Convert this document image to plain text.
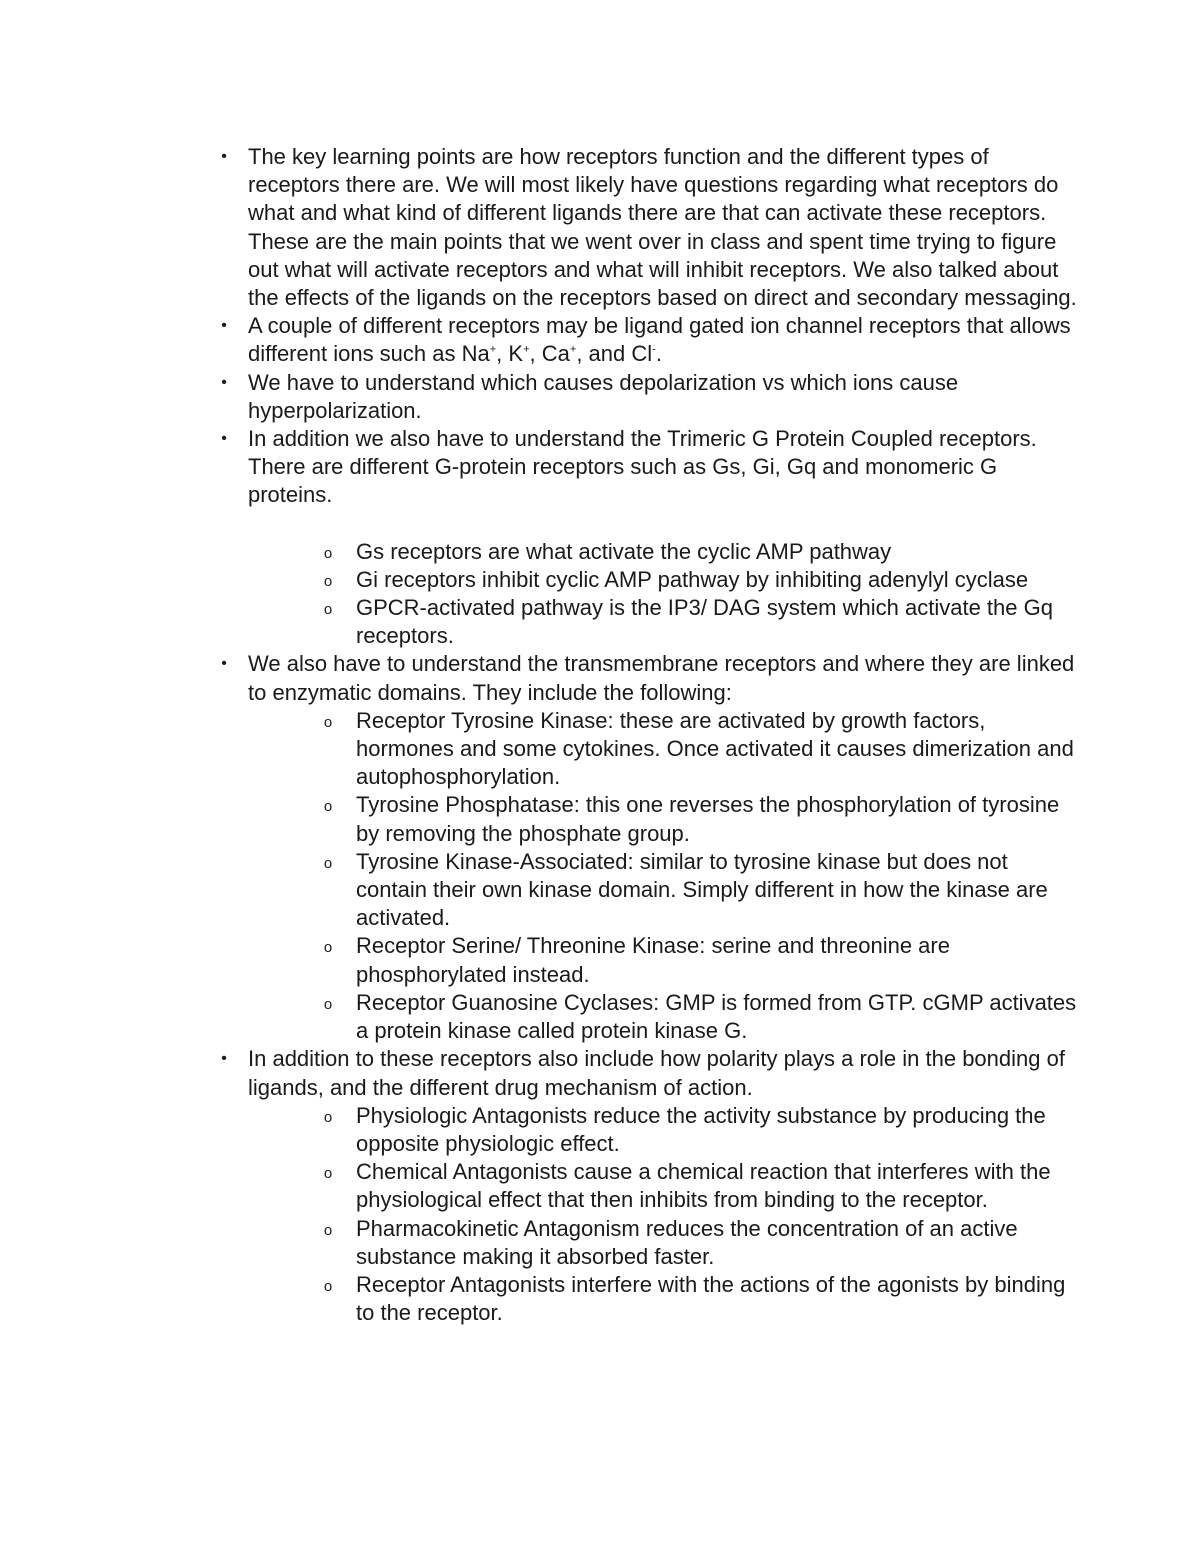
• The key learning points are how receptors function and the different types of receptors there are. We will most likely have questions regarding what receptors do what and what kind of different ligands there are that can activate these receptors. These are the main points that we went over in class and spent time trying to figure out what will activate receptors and what will inhibit receptors. We also talked about the effects of the ligands on the receptors based on direct and secondary messaging.
• A couple of different receptors may be ligand gated ion channel receptors that allows different ions such as Na+, K+, Ca+, and Cl-.
• We have to understand which causes depolarization vs which ions cause hyperpolarization.
• In addition we also have to understand the Trimeric G Protein Coupled receptors. There are different G-protein receptors such as Gs, Gi, Gq and monomeric G proteins.
o Gs receptors are what activate the cyclic AMP pathway
o Gi receptors inhibit cyclic AMP pathway by inhibiting adenylyl cyclase
o GPCR-activated pathway is the IP3/ DAG system which activate the Gq receptors.
• We also have to understand the transmembrane receptors and where they are linked to enzymatic domains. They include the following:
o Receptor Tyrosine Kinase: these are activated by growth factors, hormones and some cytokines. Once activated it causes dimerization and autophosphorylation.
o Tyrosine Phosphatase: this one reverses the phosphorylation of tyrosine by removing the phosphate group.
o Tyrosine Kinase-Associated: similar to tyrosine kinase but does not contain their own kinase domain. Simply different in how the kinase are activated.
o Receptor Serine/ Threonine Kinase: serine and threonine are phosphorylated instead.
o Receptor Guanosine Cyclases: GMP is formed from GTP. cGMP activates a protein kinase called protein kinase G.
• In addition to these receptors also include how polarity plays a role in the bonding of ligands, and the different drug mechanism of action.
o Physiologic Antagonists reduce the activity substance by producing the opposite physiologic effect.
o Chemical Antagonists cause a chemical reaction that interferes with the physiological effect that then inhibits from binding to the receptor.
o Pharmacokinetic Antagonism reduces the concentration of an active substance making it absorbed faster.
o Receptor Antagonists interfere with the actions of the agonists by binding to the receptor.
